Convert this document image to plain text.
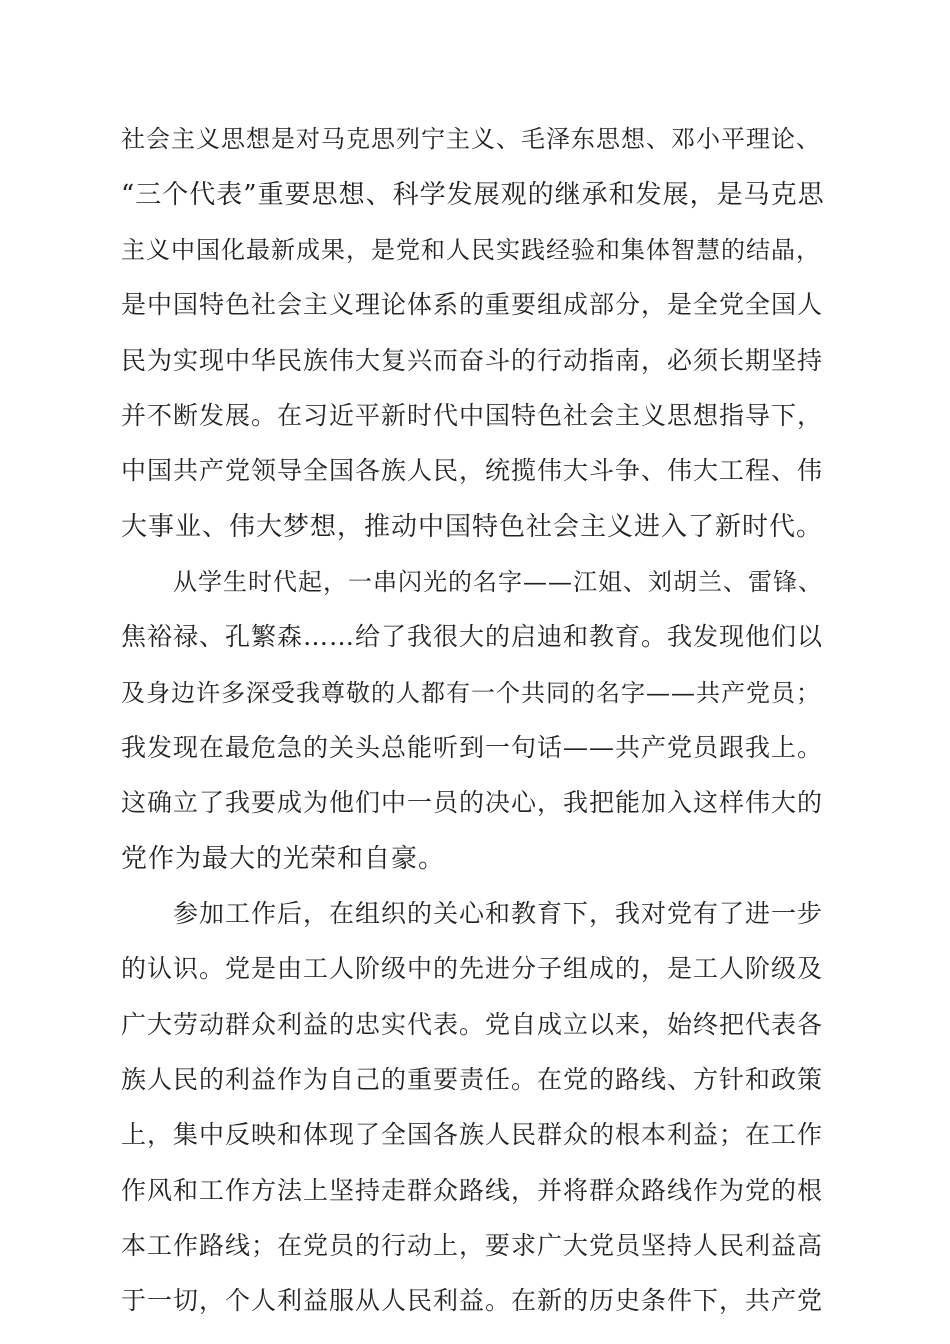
社会主义思想是对马克思列宁主义、毛泽东思想、邓小平理论、
“三个代表”重要思想、科学发展观的继承和发展，是马克思
主义中国化最新成果，是党和人民实践经验和集体智慧的结晶，
是中国特色社会主义理论体系的重要组成部分，是全党全国人
民为实现中华民族伟大复兴而奋斗的行动指南，必须长期坚持
并不断发展。在习近平新时代中国特色社会主义思想指导下，
中国共产党领导全国各族人民，统揽伟大斗争、伟大工程、伟
大事业、伟大梦想，推动中国特色社会主义进入了新时代。
从学生时代起，一串闪光的名字——江姐、刘胡兰、雷锋、
焦裕禄、孔繁森……给了我很大的启迪和教育。我发现他们以
及身边许多深受我尊敬的人都有一个共同的名字——共产党员；
我发现在最危急的关头总能听到一句话——共产党员跟我上。
这确立了我要成为他们中一员的决心，我把能加入这样伟大的
党作为最大的光荣和自豪。
参加工作后，在组织的关心和教育下，我对党有了进一步
的认识。党是由工人阶级中的先进分子组成的，是工人阶级及
广大劳动群众利益的忠实代表。党自成立以来，始终把代表各
族人民的利益作为自己的重要责任。在党的路线、方针和政策
上，集中反映和体现了全国各族人民群众的根本利益；在工作
作风和工作方法上坚持走群众路线，并将群众路线作为党的根
本工作路线；在党员的行动上，要求广大党员坚持人民利益高
于一切，个人利益服从人民利益。在新的历史条件下，共产党
